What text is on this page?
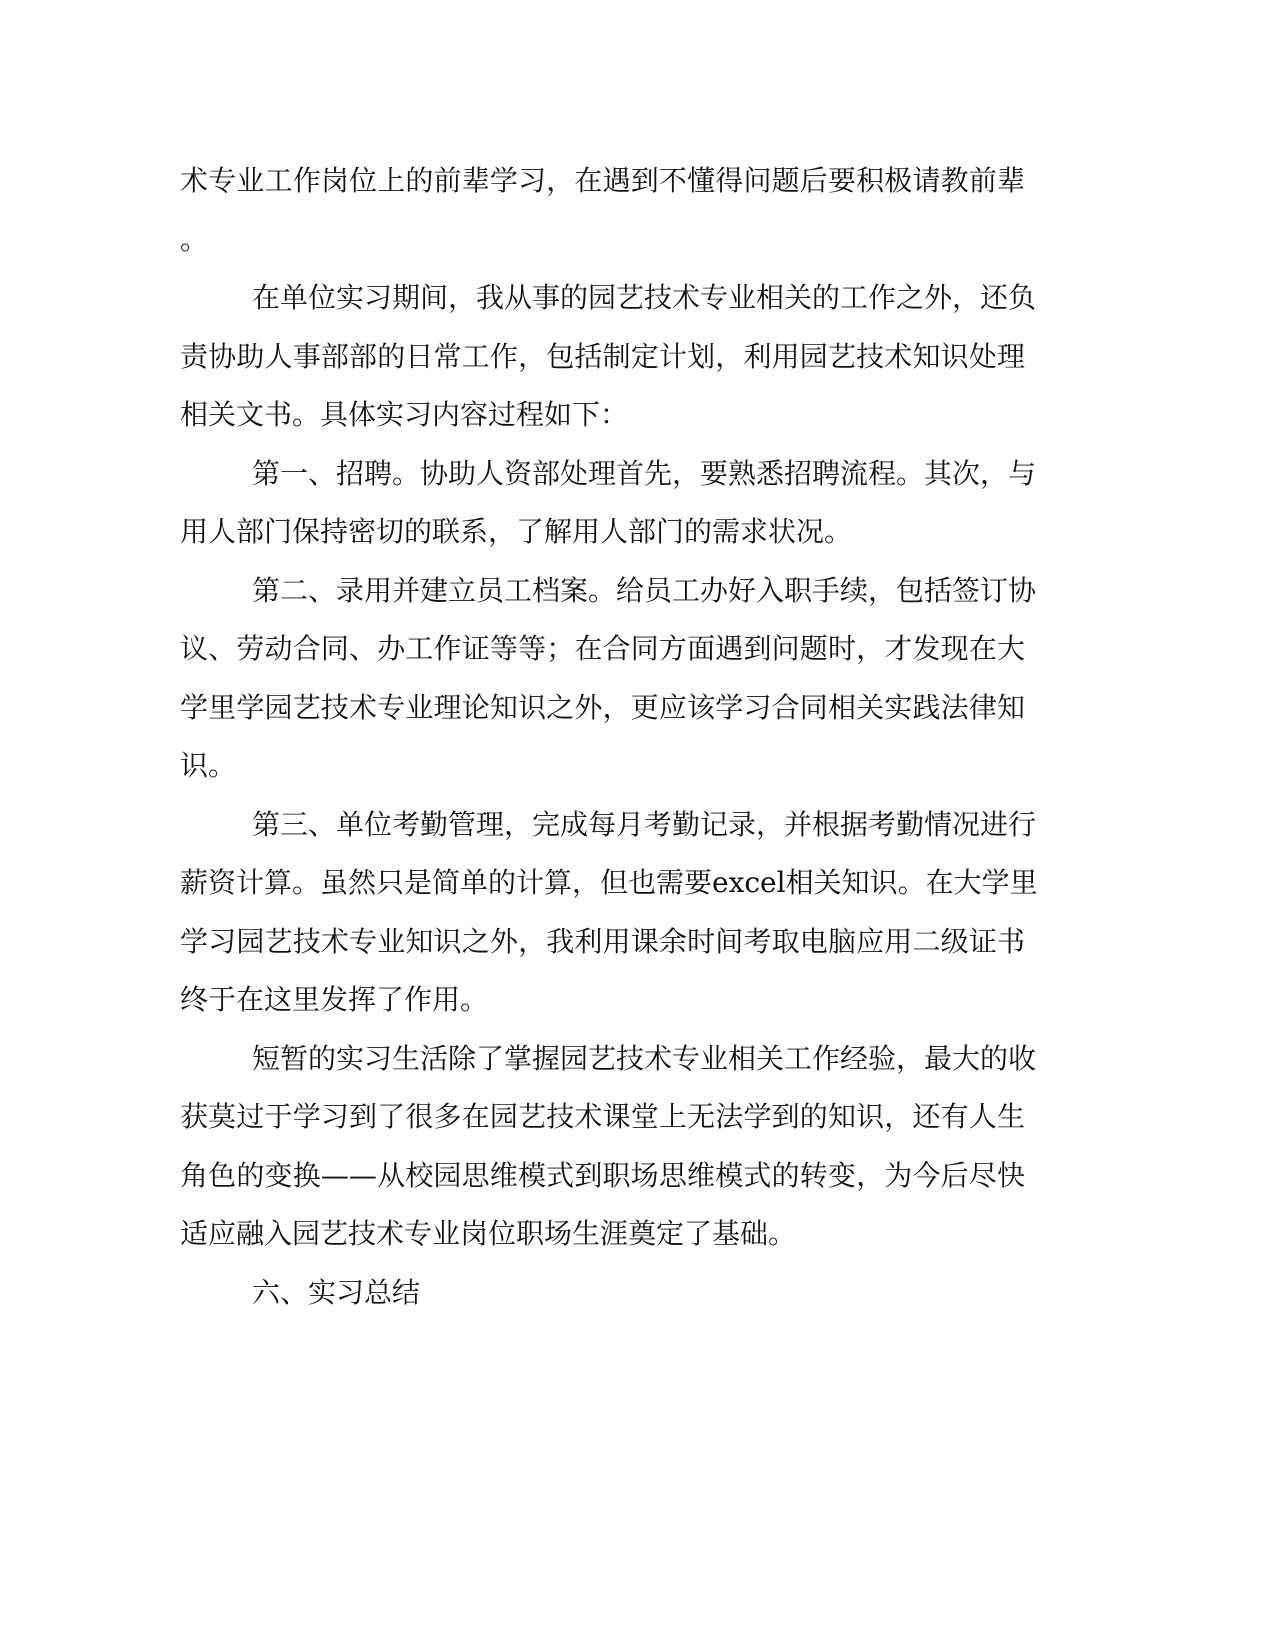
术专业工作岗位上的前辈学习，在遇到不懂得问题后要积极请教前辈
。
在单位实习期间，我从事的园艺技术专业相关的工作之外，还负
责协助人事部部的日常工作，包括制定计划，利用园艺技术知识处理
相关文书。具体实习内容过程如下：
第一、招聘。协助人资部处理首先，要熟悉招聘流程。其次，与
用人部门保持密切的联系，了解用人部门的需求状况。
第二、录用并建立员工档案。给员工办好入职手续，包括签订协
议、劳动合同、办工作证等等；在合同方面遇到问题时，才发现在大
学里学园艺技术专业理论知识之外，更应该学习合同相关实践法律知
识。
第三、单位考勤管理，完成每月考勤记录，并根据考勤情况进行
薪资计算。虽然只是简单的计算，但也需要excel相关知识。在大学里
学习园艺技术专业知识之外，我利用课余时间考取电脑应用二级证书
终于在这里发挥了作用。
短暂的实习生活除了掌握园艺技术专业相关工作经验，最大的收
获莫过于学习到了很多在园艺技术课堂上无法学到的知识，还有人生
角色的变换——从校园思维模式到职场思维模式的转变，为今后尽快
适应融入园艺技术专业岗位职场生涯奠定了基础。
六、实习总结
